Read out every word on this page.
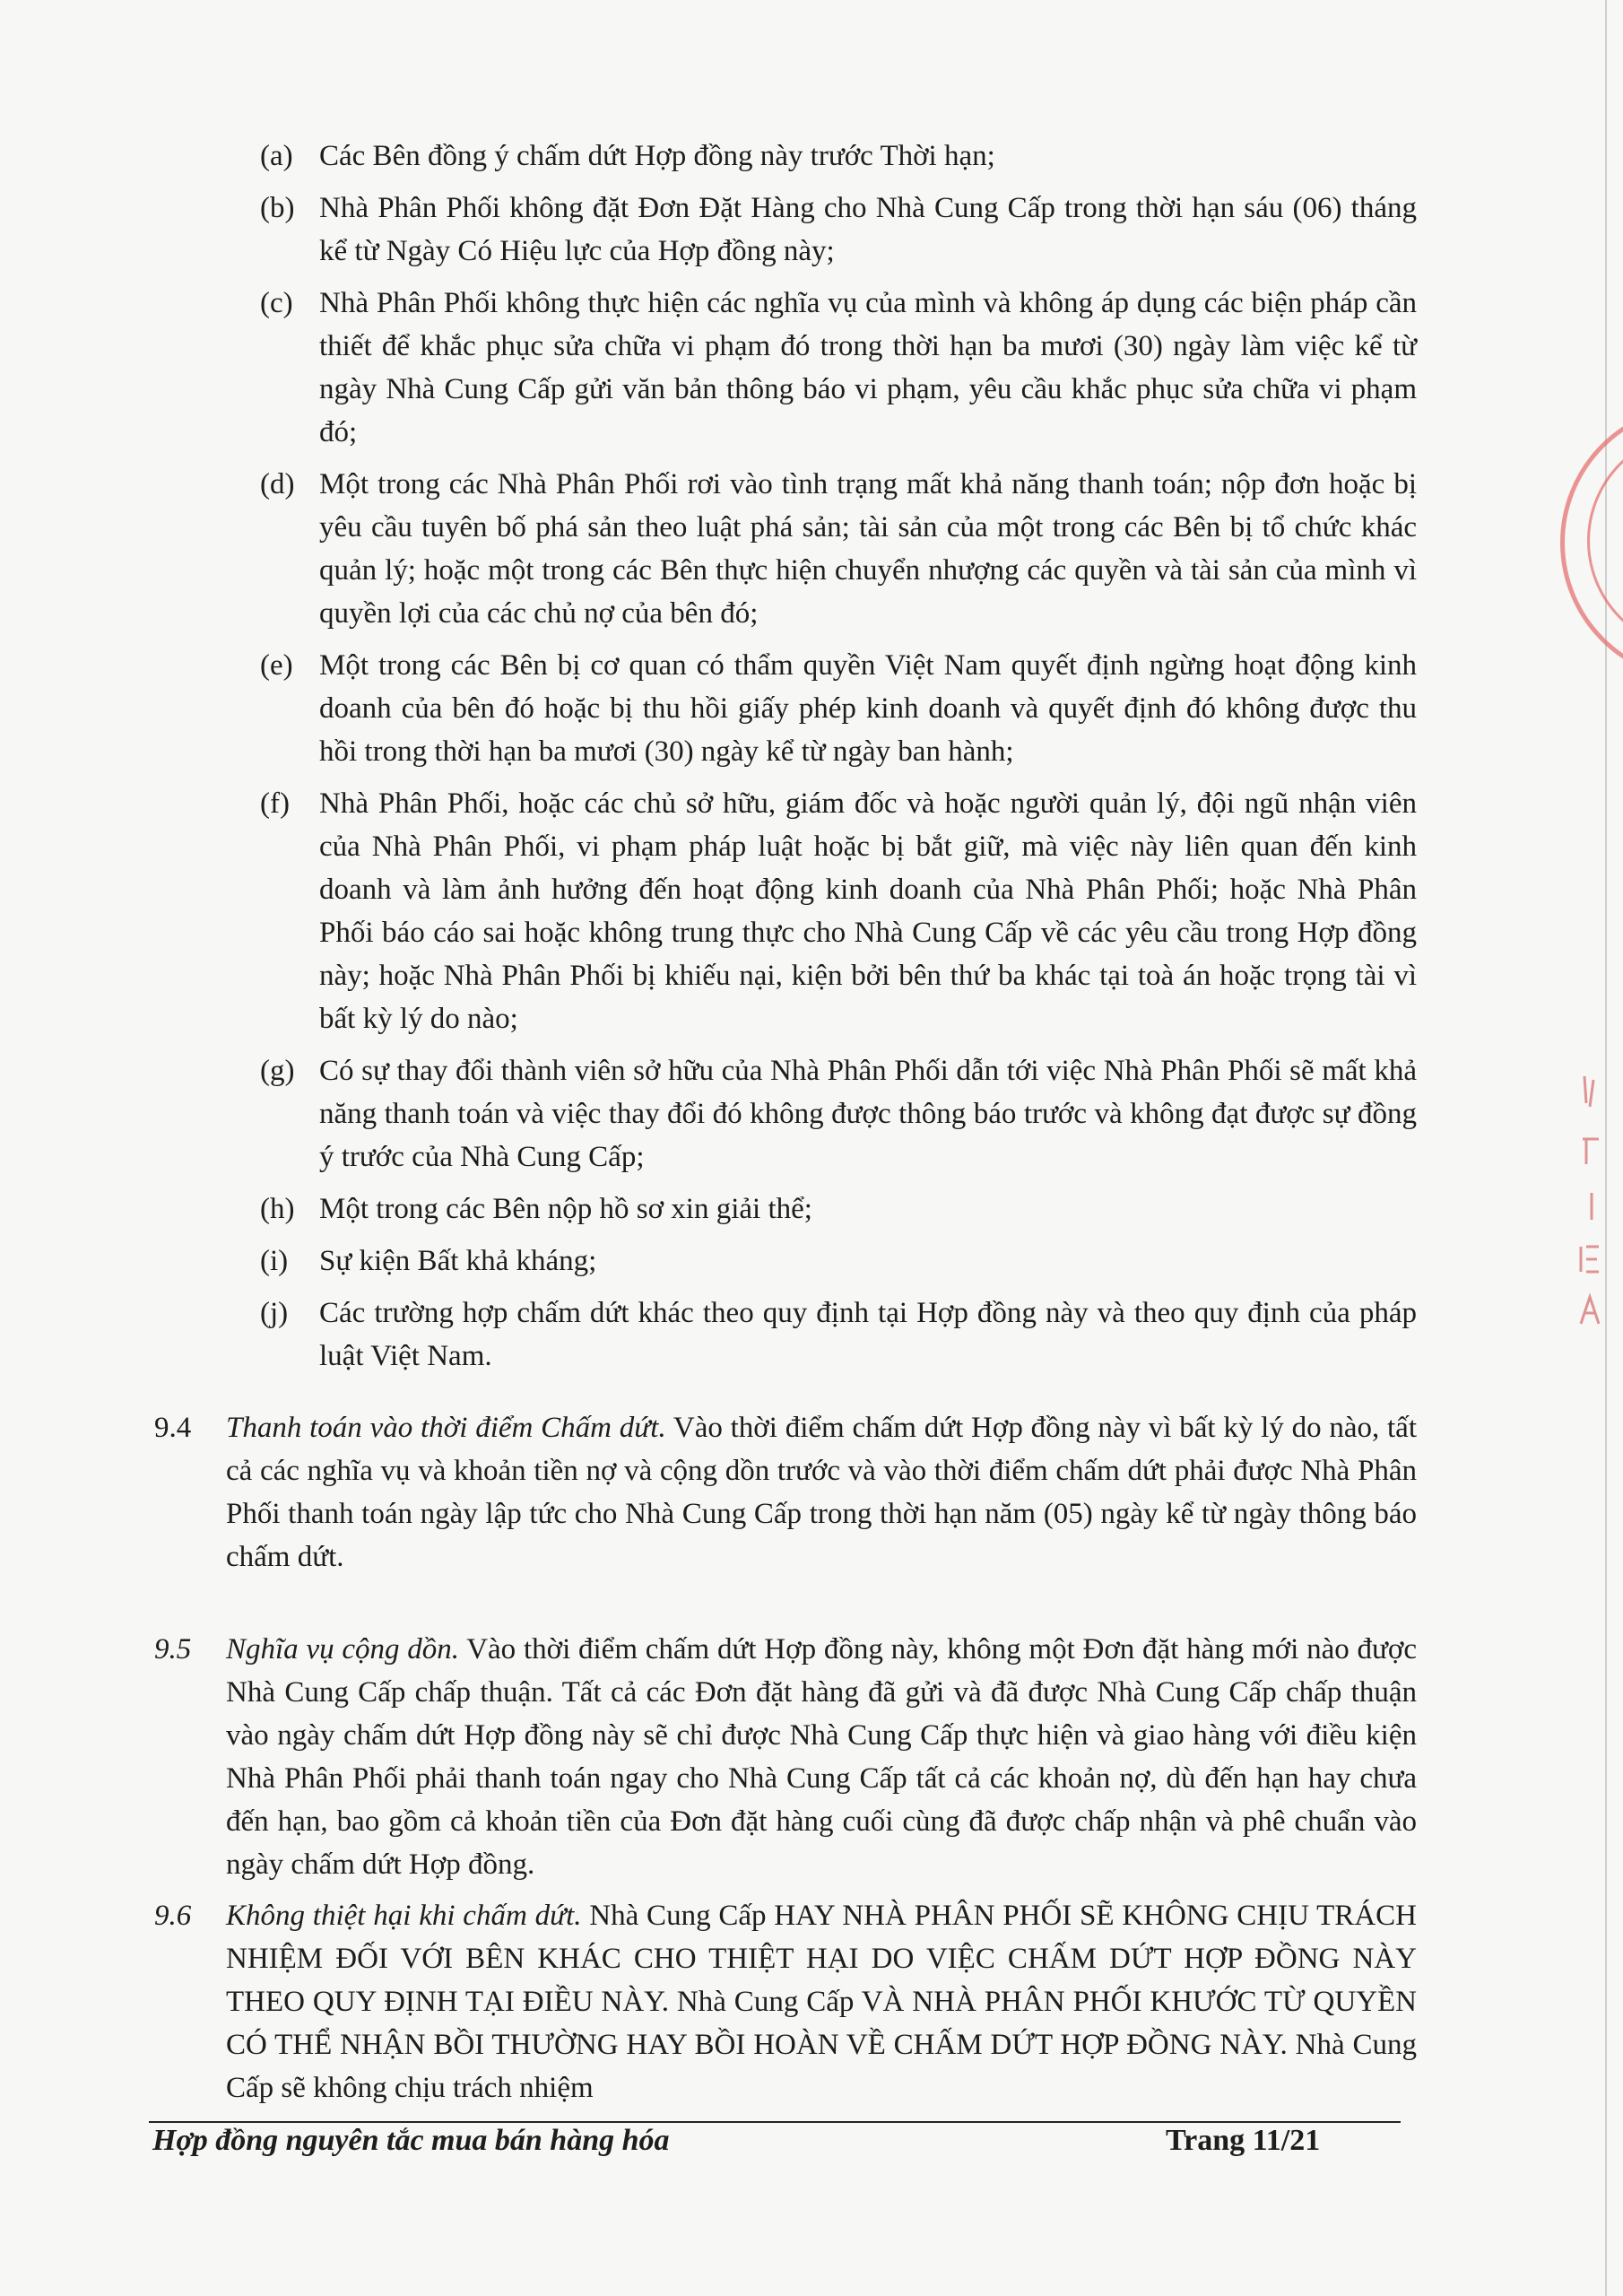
(a) Các Bên đồng ý chấm dứt Hợp đồng này trước Thời hạn;
(b) Nhà Phân Phối không đặt Đơn Đặt Hàng cho Nhà Cung Cấp trong thời hạn sáu (06) tháng kể từ Ngày Có Hiệu lực của Hợp đồng này;
(c) Nhà Phân Phối không thực hiện các nghĩa vụ của mình và không áp dụng các biện pháp cần thiết để khắc phục sửa chữa vi phạm đó trong thời hạn ba mươi (30) ngày làm việc kể từ ngày Nhà Cung Cấp gửi văn bản thông báo vi phạm, yêu cầu khắc phục sửa chữa vi phạm đó;
(d) Một trong các Nhà Phân Phối rơi vào tình trạng mất khả năng thanh toán; nộp đơn hoặc bị yêu cầu tuyên bố phá sản theo luật phá sản; tài sản của một trong các Bên bị tổ chức khác quản lý; hoặc một trong các Bên thực hiện chuyển nhượng các quyền và tài sản của mình vì quyền lợi của các chủ nợ của bên đó;
(e) Một trong các Bên bị cơ quan có thẩm quyền Việt Nam quyết định ngừng hoạt động kinh doanh của bên đó hoặc bị thu hồi giấy phép kinh doanh và quyết định đó không được thu hồi trong thời hạn ba mươi (30) ngày kể từ ngày ban hành;
(f) Nhà Phân Phối, hoặc các chủ sở hữu, giám đốc và hoặc người quản lý, đội ngũ nhận viên của Nhà Phân Phối, vi phạm pháp luật hoặc bị bắt giữ, mà việc này liên quan đến kinh doanh và làm ảnh hưởng đến hoạt động kinh doanh của Nhà Phân Phối; hoặc Nhà Phân Phối báo cáo sai hoặc không trung thực cho Nhà Cung Cấp về các yêu cầu trong Hợp đồng này; hoặc Nhà Phân Phối bị khiếu nại, kiện bởi bên thứ ba khác tại toà án hoặc trọng tài vì bất kỳ lý do nào;
(g) Có sự thay đổi thành viên sở hữu của Nhà Phân Phối dẫn tới việc Nhà Phân Phối sẽ mất khả năng thanh toán và việc thay đổi đó không được thông báo trước và không đạt được sự đồng ý trước của Nhà Cung Cấp;
(h) Một trong các Bên nộp hồ sơ xin giải thể;
(i) Sự kiện Bất khả kháng;
(j) Các trường hợp chấm dứt khác theo quy định tại Hợp đồng này và theo quy định của pháp luật Việt Nam.
9.4 Thanh toán vào thời điểm Chấm dứt. Vào thời điểm chấm dứt Hợp đồng này vì bất kỳ lý do nào, tất cả các nghĩa vụ và khoản tiền nợ và cộng dồn trước và vào thời điểm chấm dứt phải được Nhà Phân Phối thanh toán ngày lập tức cho Nhà Cung Cấp trong thời hạn năm (05) ngày kể từ ngày thông báo chấm dứt.
9.5 Nghĩa vụ cộng dồn. Vào thời điểm chấm dứt Hợp đồng này, không một Đơn đặt hàng mới nào được Nhà Cung Cấp chấp thuận. Tất cả các Đơn đặt hàng đã gửi và đã được Nhà Cung Cấp chấp thuận vào ngày chấm dứt Hợp đồng này sẽ chỉ được Nhà Cung Cấp thực hiện và giao hàng với điều kiện Nhà Phân Phối phải thanh toán ngay cho Nhà Cung Cấp tất cả các khoản nợ, dù đến hạn hay chưa đến hạn, bao gồm cả khoản tiền của Đơn đặt hàng cuối cùng đã được chấp nhận và phê chuẩn vào ngày chấm dứt Hợp đồng.
9.6 Không thiệt hại khi chấm dứt. Nhà Cung Cấp HAY NHÀ PHÂN PHỐI SẼ KHÔNG CHỊU TRÁCH NHIỆM ĐỐI VỚI BÊN KHÁC CHO THIỆT HẠI DO VIỆC CHẤM DỨT HỢP ĐỒNG NÀY THEO QUY ĐỊNH TẠI ĐIỀU NÀY. Nhà Cung Cấp VÀ NHÀ PHÂN PHỐI KHƯỚC TỪ QUYỀN CÓ THỂ NHẬN BỒI THƯỜNG HAY BỒI HOÀN VỀ CHẤM DỨT HỢP ĐỒNG NÀY. Nhà Cung Cấp sẽ không chịu trách nhiệm
Hợp đồng nguyên tắc mua bán hàng hóa	Trang 11/21
